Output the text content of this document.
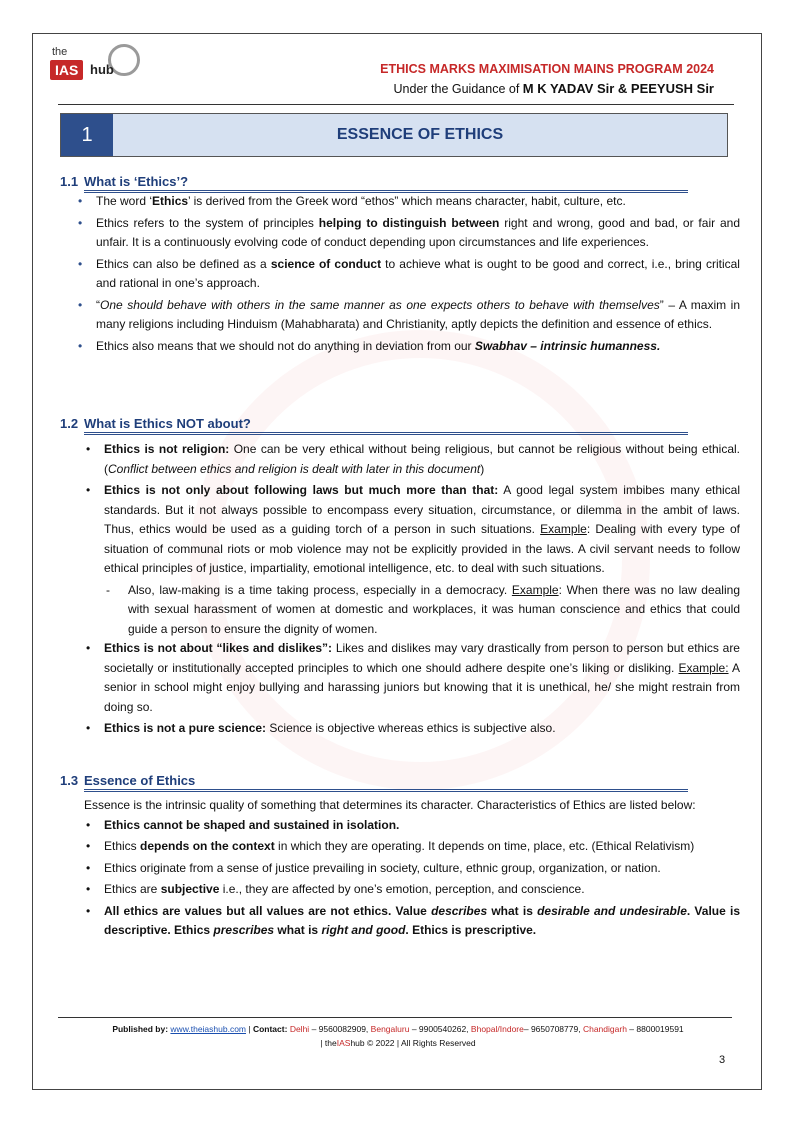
the
IAS hub	ETHICS MARKS MAXIMISATION MAINS PROGRAM 2024
Under the Guidance of M K YADAV Sir & PEEYUSH Sir
1	ESSENCE OF ETHICS
1.1 What is ‘Ethics’?

• The word ‘Ethics’ is derived from the Greek word “ethos” which means character, habit, culture, etc.

• Ethics refers to the system of principles helping to distinguish between right and wrong, good and bad, or fair and unfair. It is a continuously evolving code of conduct depending upon circumstances and life experiences.

• Ethics can also be defined as a science of conduct to achieve what is ought to be good and correct, i.e., bring critical and rational in one’s approach.

• “One should behave with others in the same manner as one expects others to behave with themselves” – A maxim in many religions including Hinduism (Mahabharata) and Christianity, aptly depicts the definition and essence of ethics.

• Ethics also means that we should not do anything in deviation from our Swabhav – intrinsic humanness.

1.2 What is Ethics NOT about?

• Ethics is not religion: One can be very ethical without being religious, but cannot be religious without being ethical. (Conflict between ethics and religion is dealt with later in this document)

• Ethics is not only about following laws but much more than that: A good legal system imbibes many ethical standards. But it not always possible to encompass every situation, circumstance, or dilemma in the ambit of laws. Thus, ethics would be used as a guiding torch of a person in such situations. Example: Dealing with every type of situation of communal riots or mob violence may not be explicitly provided in the laws. A civil servant needs to follow ethical principles of justice, impartiality, emotional intelligence, etc. to deal with such situations.

- Also, law-making is a time taking process, especially in a democracy. Example: When there was no law dealing with sexual harassment of women at domestic and workplaces, it was human conscience and ethics that could guide a person to ensure the dignity of women.

• Ethics is not about “likes and dislikes”: Likes and dislikes may vary drastically from person to person but ethics are societally or institutionally accepted principles to which one should adhere despite one’s liking or disliking. Example: A senior in school might enjoy bullying and harassing juniors but knowing that it is unethical, he/ she might restrain from doing so.

• Ethics is not a pure science: Science is objective whereas ethics is subjective also.

1.3 Essence of Ethics

Essence is the intrinsic quality of something that determines its character. Characteristics of Ethics are listed below:

• Ethics cannot be shaped and sustained in isolation.

• Ethics depends on the context in which they are operating. It depends on time, place, etc. (Ethical Relativism)

• Ethics originate from a sense of justice prevailing in society, culture, ethnic group, organization, or nation.

• Ethics are subjective i.e., they are affected by one’s emotion, perception, and conscience.

• All ethics are values but all values are not ethics. Value describes what is desirable and undesirable. Value is descriptive. Ethics prescribes what is right and good. Ethics is prescriptive.

Published by: www.theiashub.com | Contact: Delhi – 9560082909, Bengaluru – 9900540262, Bhopal/Indore– 9650708779, Chandigarh – 8800019591
| theIAShub © 2022 | All Rights Reserved
3
